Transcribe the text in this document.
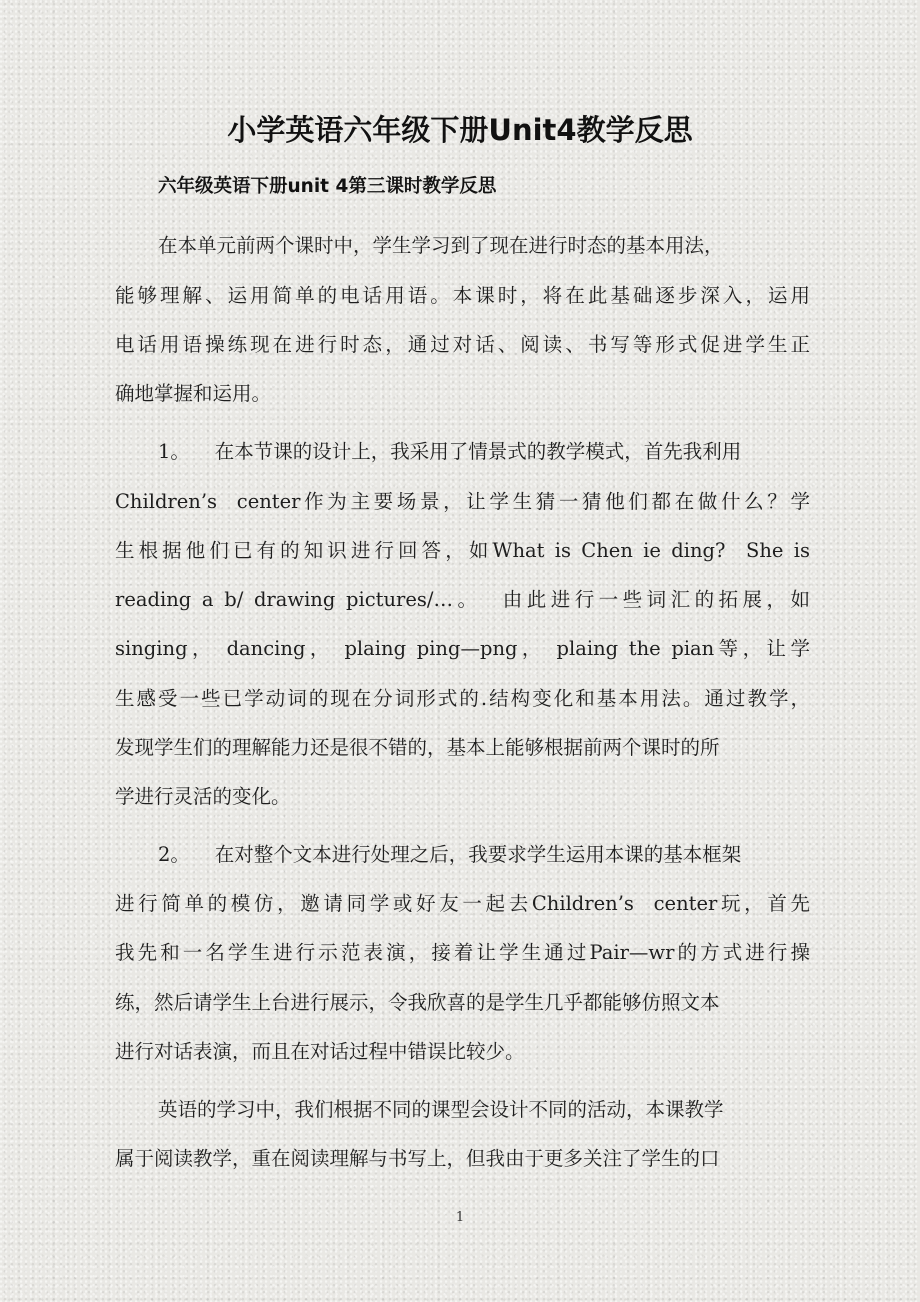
小学英语六年级下册Unit4教学反思
六年级英语下册unit 4第三课时教学反思
在本单元前两个课时中，学生学习到了现在进行时态的基本用法，
能够理解、运用简单的电话用语。本课时，将在此基础逐步深入，运用
电话用语操练现在进行时态，通过对话、阅读、书写等形式促进学生正
确地掌握和运用。
1。    在本节课的设计上，我采用了情景式的教学模式，首先我利用
Children’s  center作为主要场景，让学生猜一猜他们都在做什么？学
生根据他们已有的知识进行回答，如What is Chen ie ding?  She is
reading a b/ drawing pictures/…。  由此进行一些词汇的拓展，如
singing， dancing， plaing ping—png， plaing the pian等，让学
生感受一些已学动词的现在分词形式的.结构变化和基本用法。通过教学，
发现学生们的理解能力还是很不错的，基本上能够根据前两个课时的所
学进行灵活的变化。
2。    在对整个文本进行处理之后，我要求学生运用本课的基本框架
进行简单的模仿，邀请同学或好友一起去Children’s  center玩，首先
我先和一名学生进行示范表演，接着让学生通过Pair—wr的方式进行操
练，然后请学生上台进行展示，令我欣喜的是学生几乎都能够仿照文本
进行对话表演，而且在对话过程中错误比较少。
英语的学习中，我们根据不同的课型会设计不同的活动，本课教学
属于阅读教学，重在阅读理解与书写上，但我由于更多关注了学生的口
1
